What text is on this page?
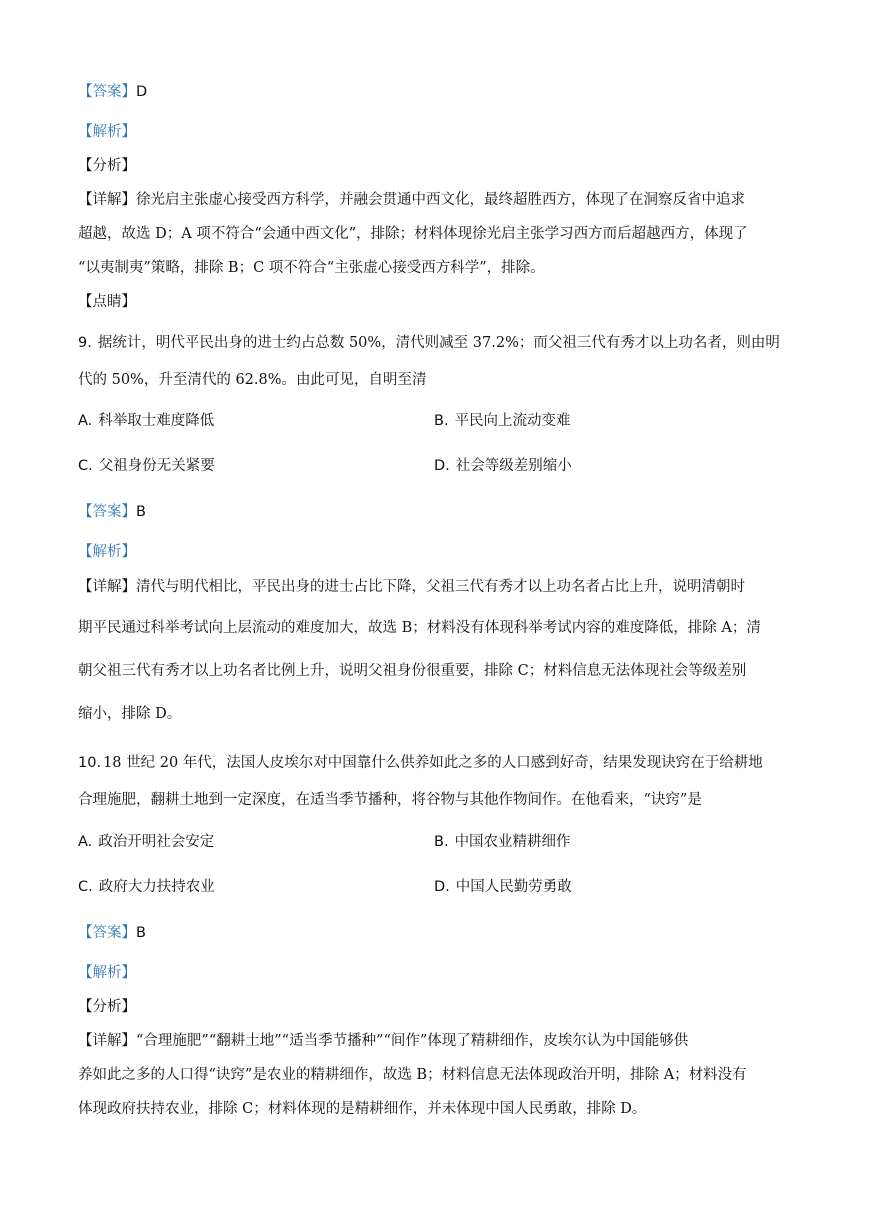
【答案】D
【解析】
【分析】
【详解】徐光启主张虚心接受西方科学，并融会贯通中西文化，最终超胜西方，体现了在洞察反省中追求
超越，故选 D；A 项不符合“会通中西文化”，排除；材料体现徐光启主张学习西方而后超越西方，体现了
“以夷制夷”策略，排除 B；C 项不符合“主张虚心接受西方科学”，排除。
【点睛】
9. 据统计，明代平民出身的进士约占总数 50%，清代则减至 37.2%；而父祖三代有秀才以上功名者，则由明
代的 50%，升至清代的 62.8%。由此可见，自明至清
A. 科举取士难度降低	B. 平民向上流动变难
C. 父祖身份无关紧要	D. 社会等级差别缩小
【答案】B
【解析】
【详解】清代与明代相比，平民出身的进士占比下降，父祖三代有秀才以上功名者占比上升，说明清朝时
期平民通过科举考试向上层流动的难度加大，故选 B；材料没有体现科举考试内容的难度降低，排除 A；清
朝父祖三代有秀才以上功名者比例上升，说明父祖身份很重要，排除 C；材料信息无法体现社会等级差别
缩小，排除 D。
10. 18 世纪 20 年代，法国人皮埃尔对中国靠什么供养如此之多的人口感到好奇，结果发现诀窍在于给耕地
合理施肥，翻耕土地到一定深度，在适当季节播种，将谷物与其他作物间作。在他看来，“诀窍”是
A. 政治开明社会安定	B. 中国农业精耕细作
C. 政府大力扶持农业	D. 中国人民勤劳勇敢
【答案】B
【解析】
【分析】
【详解】“合理施肥”“翻耕土地”“适当季节播种”“间作”体现了精耕细作，皮埃尔认为中国能够供
养如此之多的人口得“诀窍”是农业的精耕细作，故选 B；材料信息无法体现政治开明，排除 A；材料没有
体现政府扶持农业，排除 C；材料体现的是精耕细作，并未体现中国人民勇敢，排除 D。
